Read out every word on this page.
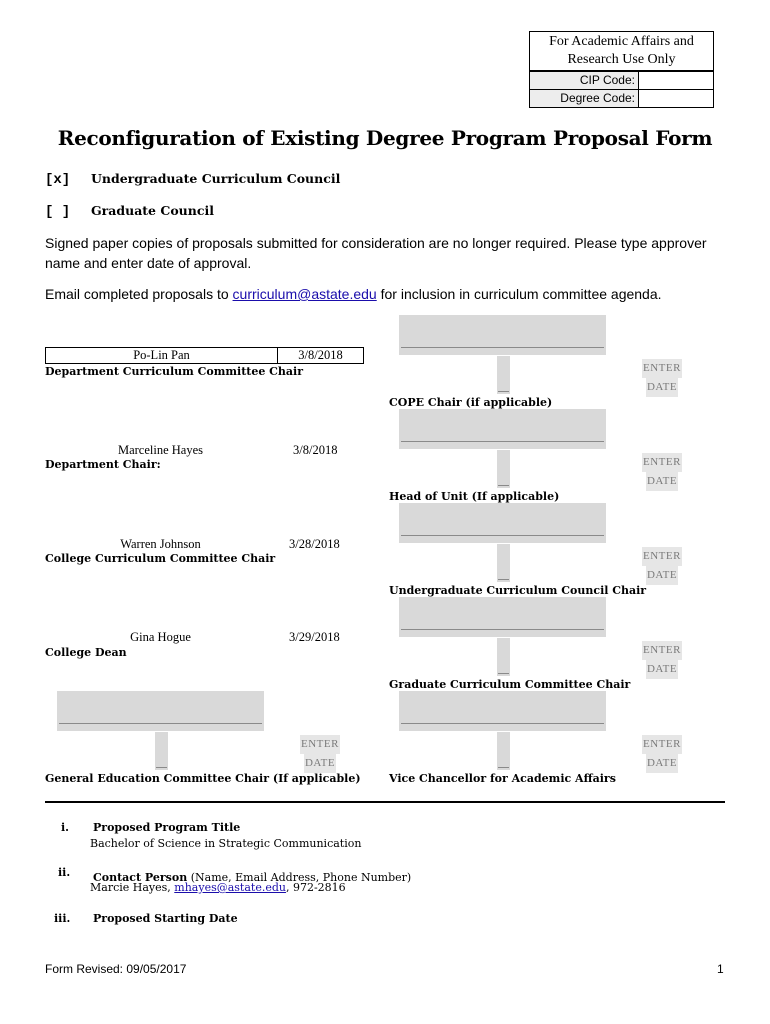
For Academic Affairs and Research Use Only
CIP Code:
Degree Code:
Reconfiguration of Existing Degree Program Proposal Form
[x] Undergraduate Curriculum Council
[ ] Graduate Council
Signed paper copies of proposals submitted for consideration are no longer required. Please type approver name and enter date of approval.
Email completed proposals to curriculum@astate.edu for inclusion in curriculum committee agenda.
Po-Lin Pan	3/8/2018
Department Curriculum Committee Chair
Marceline Hayes	3/8/2018
Department Chair:
Warren Johnson	3/28/2018
College Curriculum Committee Chair
Gina Hogue	3/29/2018
College Dean
ENTER
DATE
General Education Committee Chair (If applicable)
ENTER
DATE
COPE Chair (if applicable)
ENTER
DATE
Head of Unit (If applicable)
ENTER
DATE
Undergraduate Curriculum Council Chair
ENTER
DATE
Graduate Curriculum Committee Chair
ENTER
DATE
Vice Chancellor for Academic Affairs
i. Proposed Program Title
Bachelor of Science in Strategic Communication
ii. Contact Person (Name, Email Address, Phone Number)
Marcie Hayes, mhayes@astate.edu, 972-2816
iii. Proposed Starting Date
Form Revised: 09/05/2017	1
